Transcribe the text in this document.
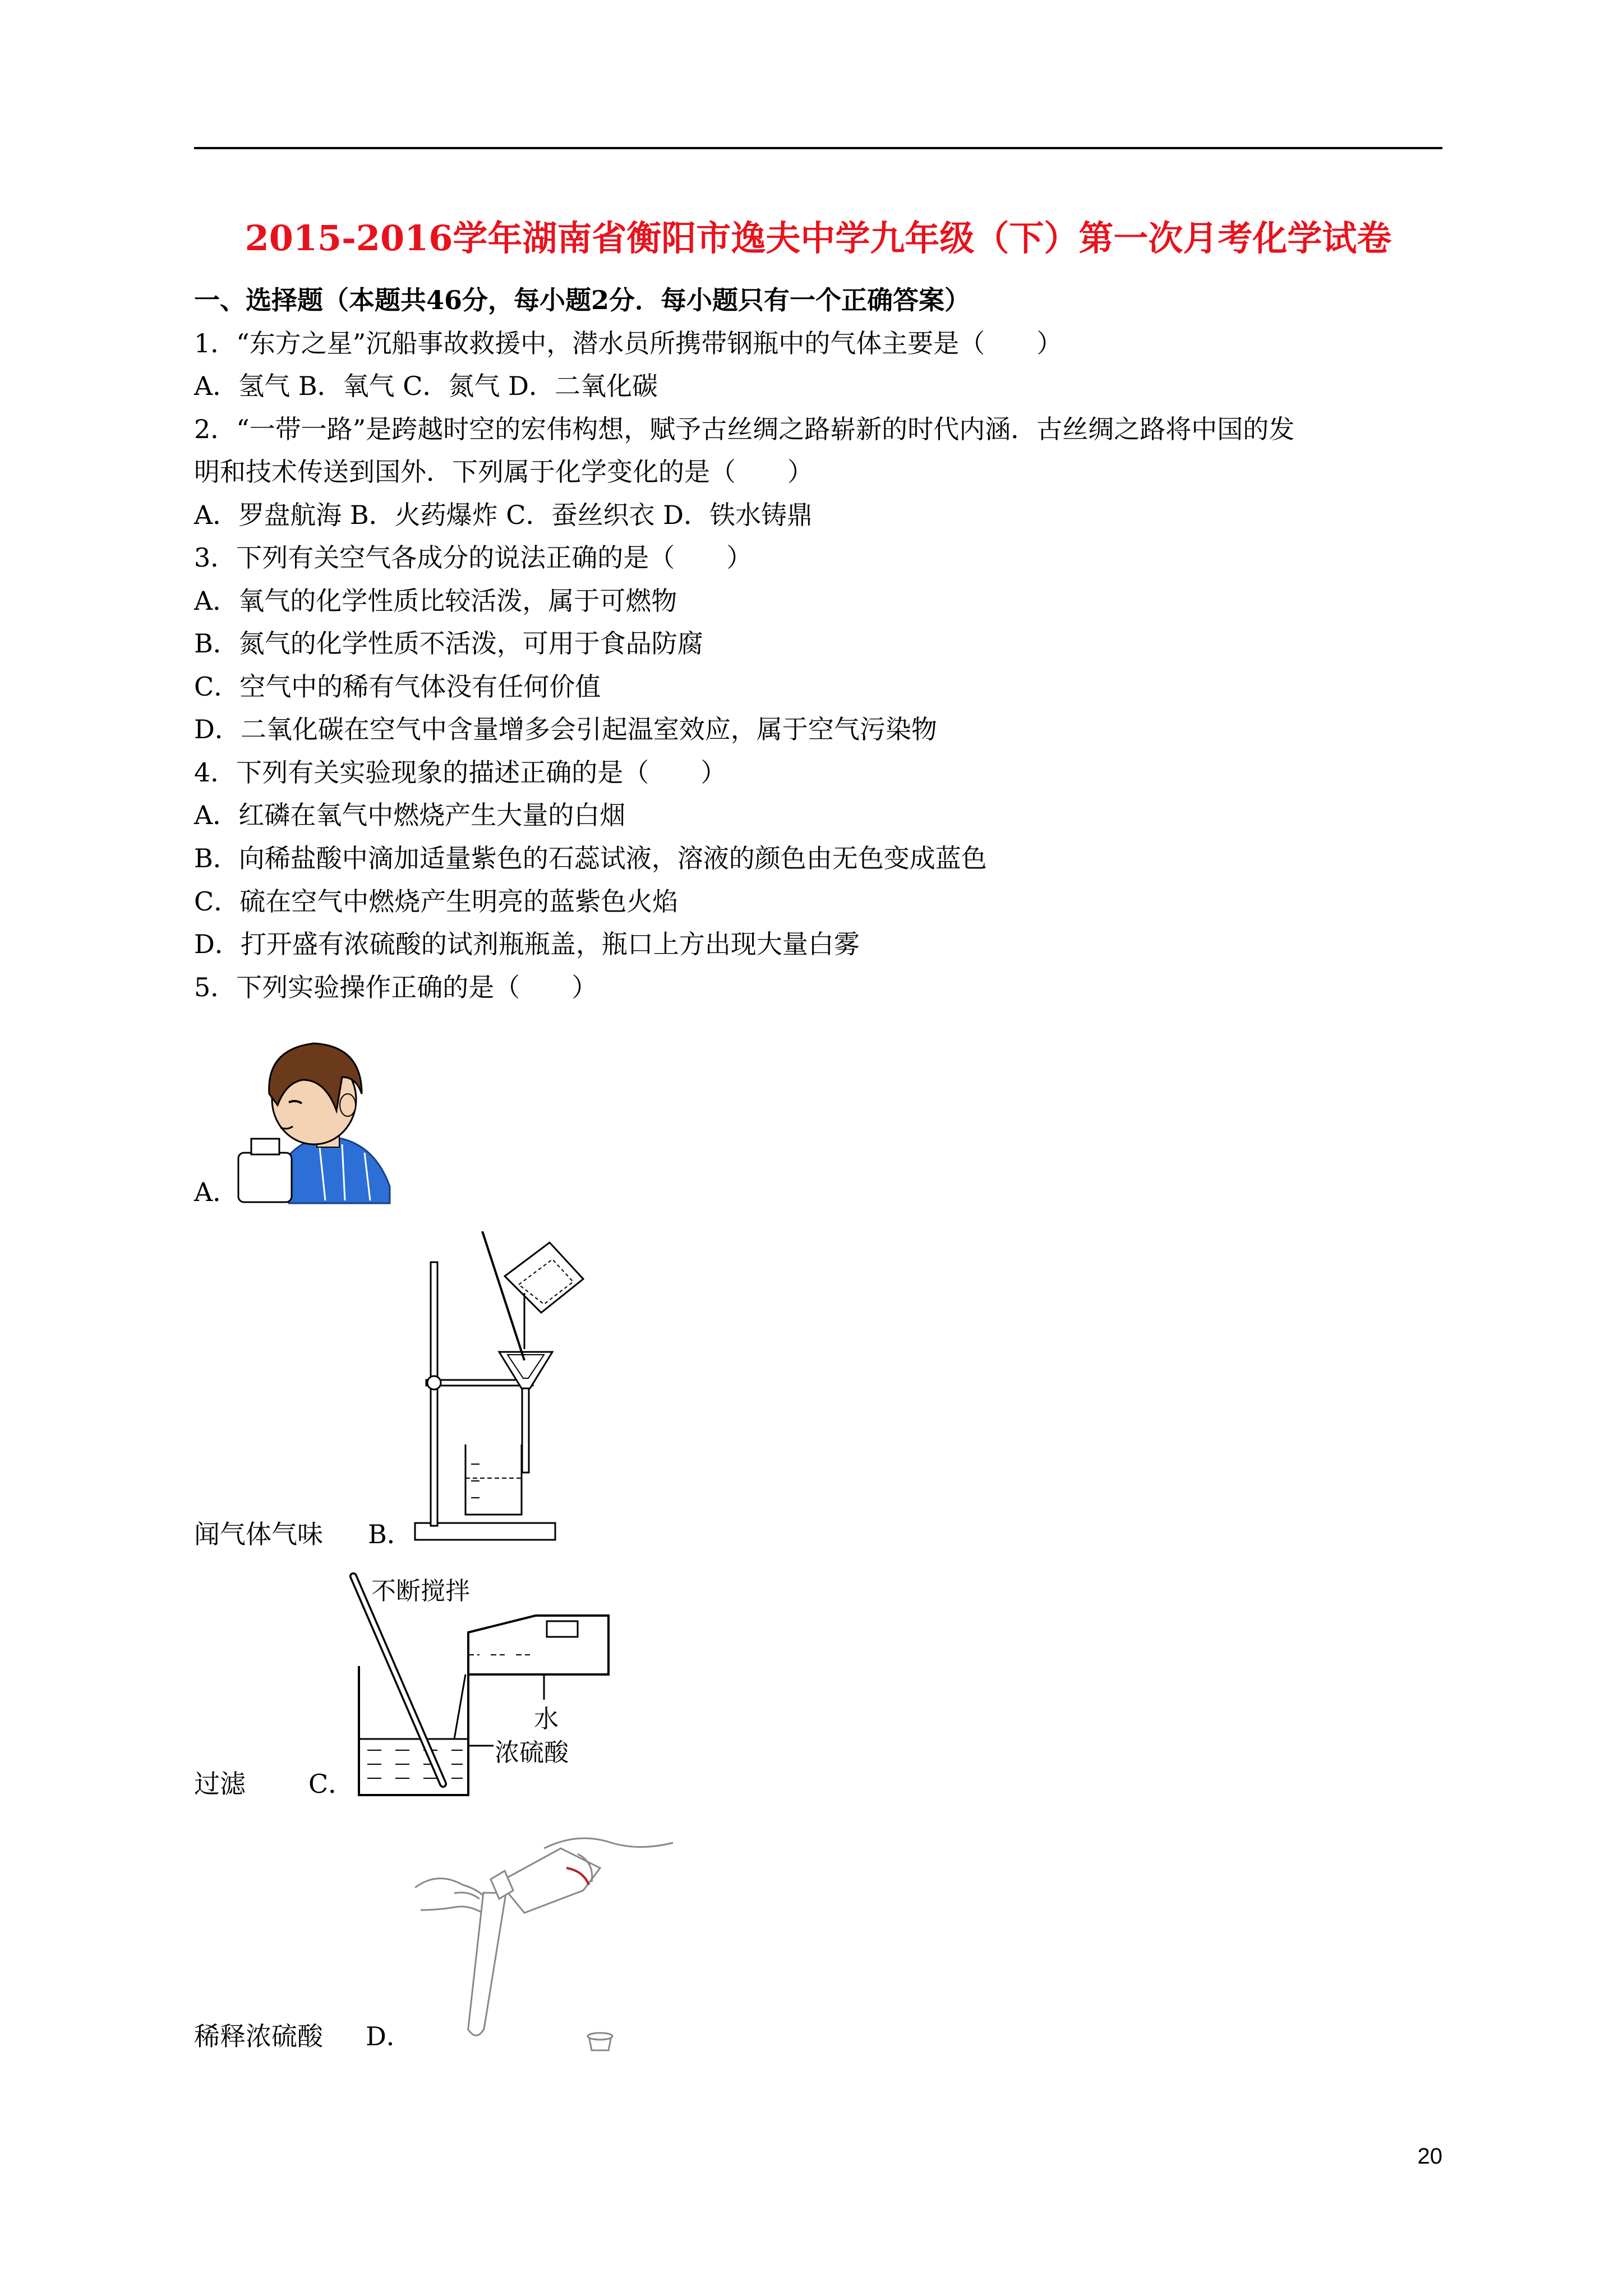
2015-2016学年湖南省衡阳市逸夫中学九年级（下）第一次月考化学试卷
一、选择题（本题共46分，每小题2分．每小题只有一个正确答案）
1．“东方之星”沉船事故救援中，潜水员所携带钢瓶中的气体主要是（　　）
A．氢气 B．氧气 C．氮气 D．二氧化碳
2．“一带一路”是跨越时空的宏伟构想，赋予古丝绸之路崭新的时代内涵．古丝绸之路将中国的发
明和技术传送到国外．下列属于化学变化的是（　　）
A．罗盘航海 B．火药爆炸 C．蚕丝织衣 D．铁水铸鼎
3．下列有关空气各成分的说法正确的是（　　）
A．氧气的化学性质比较活泼，属于可燃物
B．氮气的化学性质不活泼，可用于食品防腐
C．空气中的稀有气体没有任何价值
D．二氧化碳在空气中含量增多会引起温室效应，属于空气污染物
4．下列有关实验现象的描述正确的是（　　）
A．红磷在氧气中燃烧产生大量的白烟
B．向稀盐酸中滴加适量紫色的石蕊试液，溶液的颜色由无色变成蓝色
C．硫在空气中燃烧产生明亮的蓝紫色火焰
D．打开盛有浓硫酸的试剂瓶瓶盖，瓶口上方出现大量白雾
5．下列实验操作正确的是（　　）
A．
闻气体气味 B．
不断搅拌
水
浓硫酸
过滤 C．
稀释浓硫酸 D．
20
